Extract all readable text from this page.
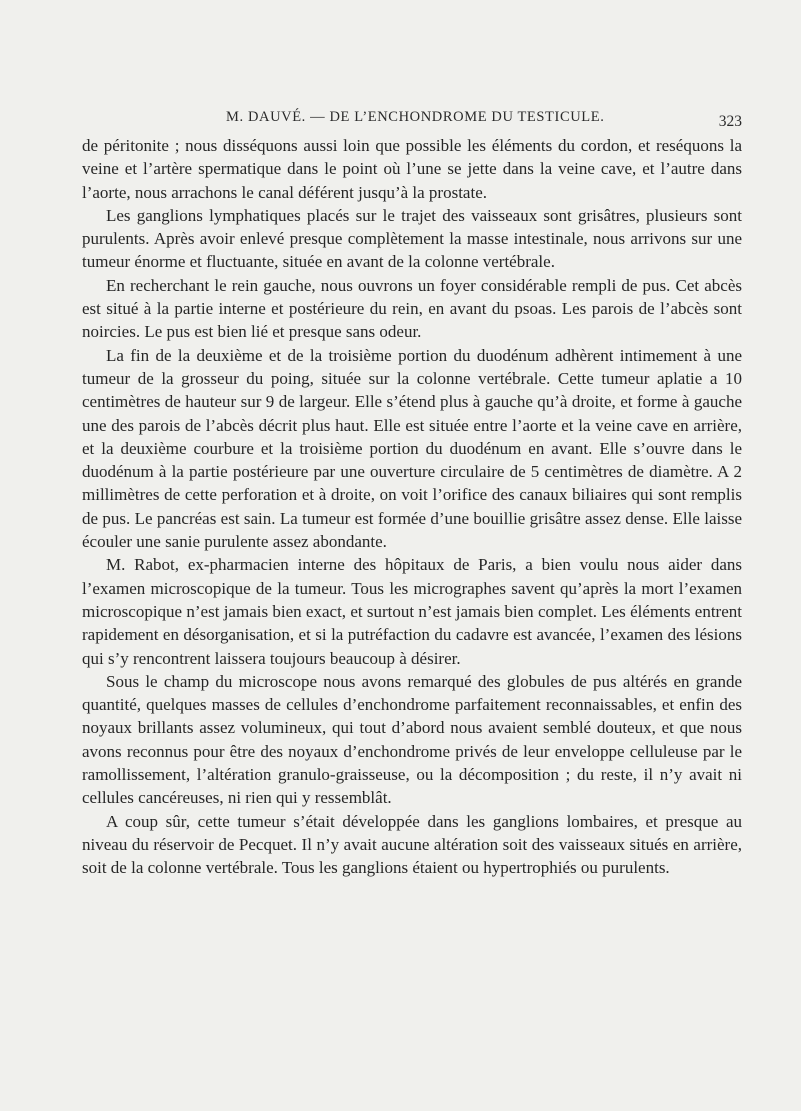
M. DAUVÉ. — DE L’ENCHONDROME DU TESTICULE.	323

de péritonite ; nous disséquons aussi loin que possible les éléments du cordon, et reséquons la veine et l’artère spermatique dans le point où l’une se jette dans la veine cave, et l’autre dans l’aorte, nous arrachons le canal déférent jusqu’à la prostate.

Les ganglions lymphatiques placés sur le trajet des vaisseaux sont grisâtres, plusieurs sont purulents. Après avoir enlevé presque complètement la masse intestinale, nous arrivons sur une tumeur énorme et fluctuante, située en avant de la colonne vertébrale.

En recherchant le rein gauche, nous ouvrons un foyer considérable rempli de pus. Cet abcès est situé à la partie interne et postérieure du rein, en avant du psoas. Les parois de l’abcès sont noircies. Le pus est bien lié et presque sans odeur.

La fin de la deuxième et de la troisième portion du duodénum adhèrent intimement à une tumeur de la grosseur du poing, située sur la colonne vertébrale. Cette tumeur aplatie a 10 centimètres de hauteur sur 9 de largeur. Elle s’étend plus à gauche qu’à droite, et forme à gauche une des parois de l’abcès décrit plus haut. Elle est située entre l’aorte et la veine cave en arrière, et la deuxième courbure et la troisième portion du duodénum en avant. Elle s’ouvre dans le duodénum à la partie postérieure par une ouverture circulaire de 5 centimètres de diamètre. A 2 millimètres de cette perforation et à droite, on voit l’orifice des canaux biliaires qui sont remplis de pus. Le pancréas est sain. La tumeur est formée d’une bouillie grisâtre assez dense. Elle laisse écouler une sanie purulente assez abondante.

M. Rabot, ex-pharmacien interne des hôpitaux de Paris, a bien voulu nous aider dans l’examen microscopique de la tumeur. Tous les micrographes savent qu’après la mort l’examen microscopique n’est jamais bien exact, et surtout n’est jamais bien complet. Les éléments entrent rapidement en désorganisation, et si la putréfaction du cadavre est avancée, l’examen des lésions qui s’y rencontrent laissera toujours beaucoup à désirer.

Sous le champ du microscope nous avons remarqué des globules de pus altérés en grande quantité, quelques masses de cellules d’enchondrome parfaitement reconnaissables, et enfin des noyaux brillants assez volumineux, qui tout d’abord nous avaient semblé douteux, et que nous avons reconnus pour être des noyaux d’enchondrome privés de leur enveloppe celluleuse par le ramollissement, l’altération granulo-graisseuse, ou la décomposition ; du reste, il n’y avait ni cellules cancéreuses, ni rien qui y ressemblât.

A coup sûr, cette tumeur s’était développée dans les ganglions lombaires, et presque au niveau du réservoir de Pecquet. Il n’y avait aucune altération soit des vaisseaux situés en arrière, soit de la colonne vertébrale. Tous les ganglions étaient ou hypertrophiés ou purulents.
